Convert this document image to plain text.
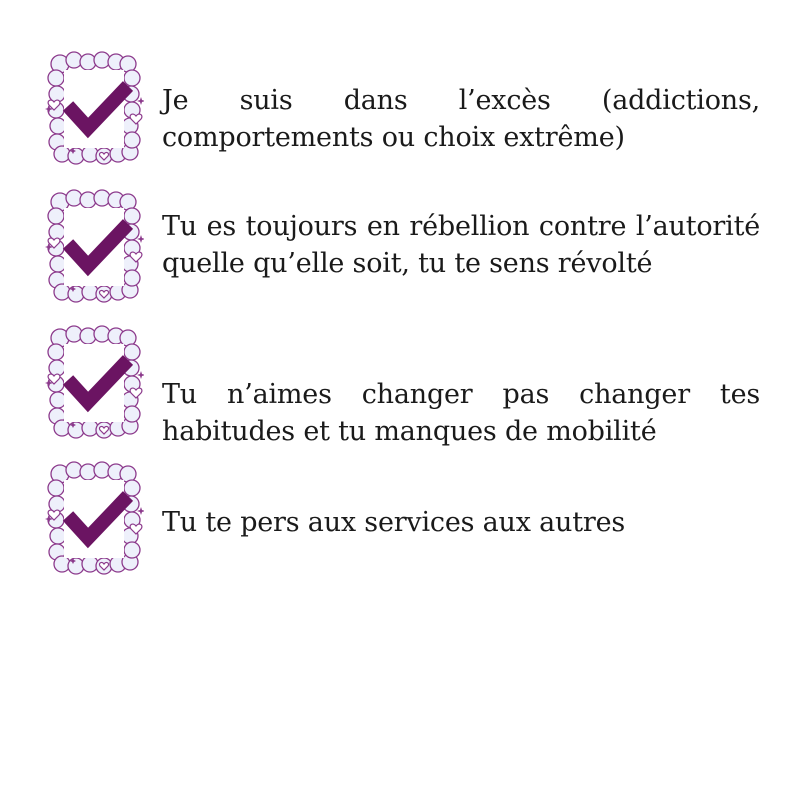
Je suis dans l’excès (addictions, comportements ou choix extrême)
Tu es toujours en rébellion contre l’autorité quelle qu’elle soit, tu te sens révolté
Tu n’aimes changer pas changer tes habitudes et tu manques de mobilité
Tu te pers aux services aux autres
